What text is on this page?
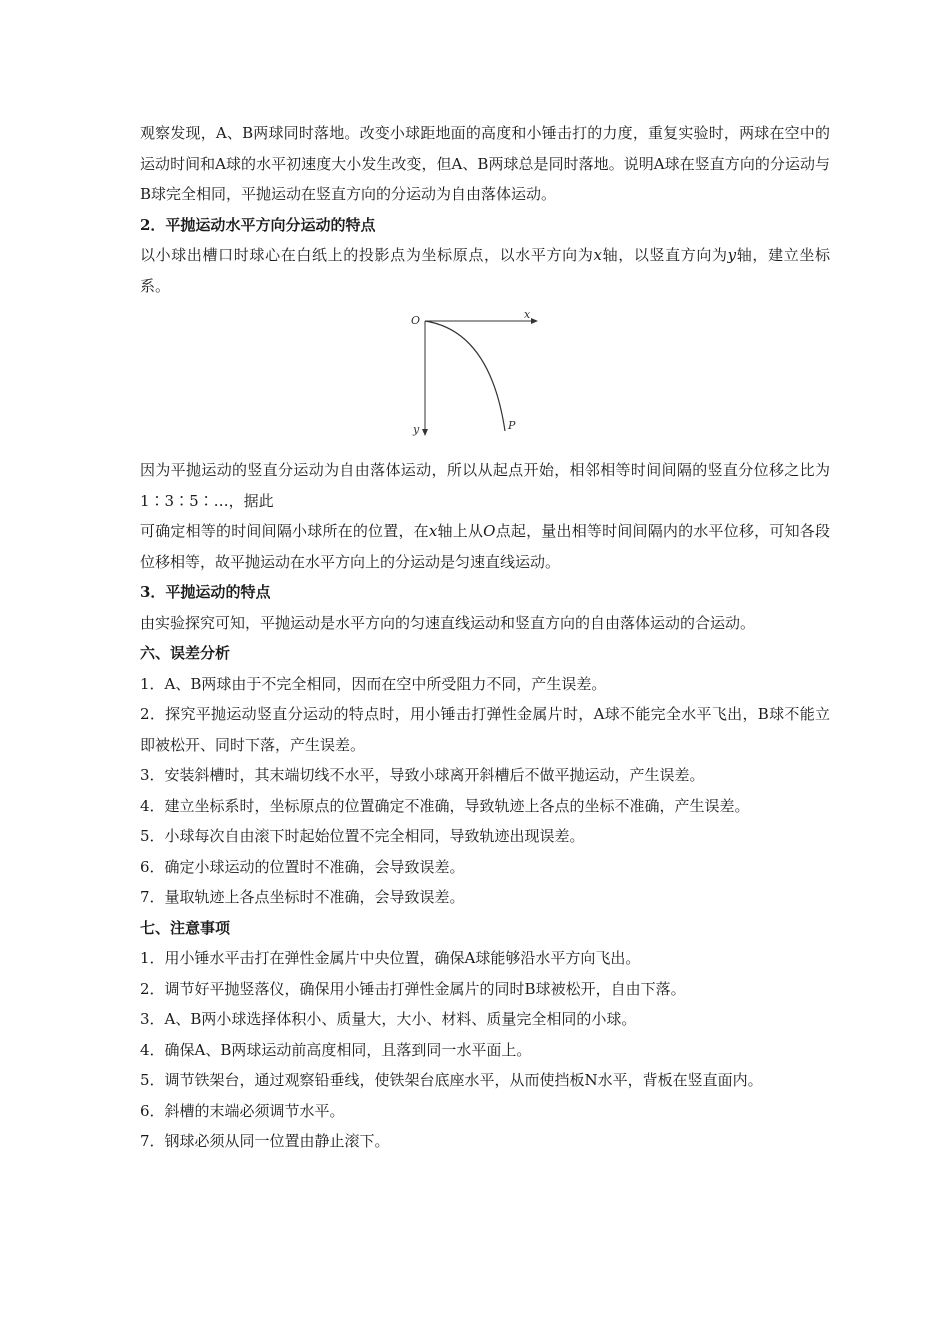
观察发现，A、B两球同时落地。改变小球距地面的高度和小锤击打的力度，重复实验时，两球在空中的运动时间和A球的水平初速度大小发生改变，但A、B两球总是同时落地。说明A球在竖直方向的分运动与B球完全相同，平抛运动在竖直方向的分运动为自由落体运动。

2．平抛运动水平方向分运动的特点

以小球出槽口时球心在白纸上的投影点为坐标原点，以水平方向为x轴，以竖直方向为y轴，建立坐标系。

O	x
y	P

因为平抛运动的竖直分运动为自由落体运动，所以从起点开始，相邻相等时间间隔的竖直分位移之比为1∶3∶5∶…，据此

可确定相等的时间间隔小球所在的位置，在x轴上从O点起，量出相等时间间隔内的水平位移，可知各段位移相等，故平抛运动在水平方向上的分运动是匀速直线运动。

3．平抛运动的特点

由实验探究可知，平抛运动是水平方向的匀速直线运动和竖直方向的自由落体运动的合运动。

六、误差分析

1．A、B两球由于不完全相同，因而在空中所受阻力不同，产生误差。

2．探究平抛运动竖直分运动的特点时，用小锤击打弹性金属片时，A球不能完全水平飞出，B球不能立即被松开、同时下落，产生误差。

3．安装斜槽时，其末端切线不水平，导致小球离开斜槽后不做平抛运动，产生误差。

4．建立坐标系时，坐标原点的位置确定不准确，导致轨迹上各点的坐标不准确，产生误差。

5．小球每次自由滚下时起始位置不完全相同，导致轨迹出现误差。

6．确定小球运动的位置时不准确，会导致误差。

7．量取轨迹上各点坐标时不准确，会导致误差。

七、注意事项

1．用小锤水平击打在弹性金属片中央位置，确保A球能够沿水平方向飞出。

2．调节好平抛竖落仪，确保用小锤击打弹性金属片的同时B球被松开，自由下落。

3．A、B两小球选择体积小、质量大，大小、材料、质量完全相同的小球。

4．确保A、B两球运动前高度相同，且落到同一水平面上。

5．调节铁架台，通过观察铅垂线，使铁架台底座水平，从而使挡板N水平，背板在竖直面内。

6．斜槽的末端必须调节水平。

7．钢球必须从同一位置由静止滚下。
